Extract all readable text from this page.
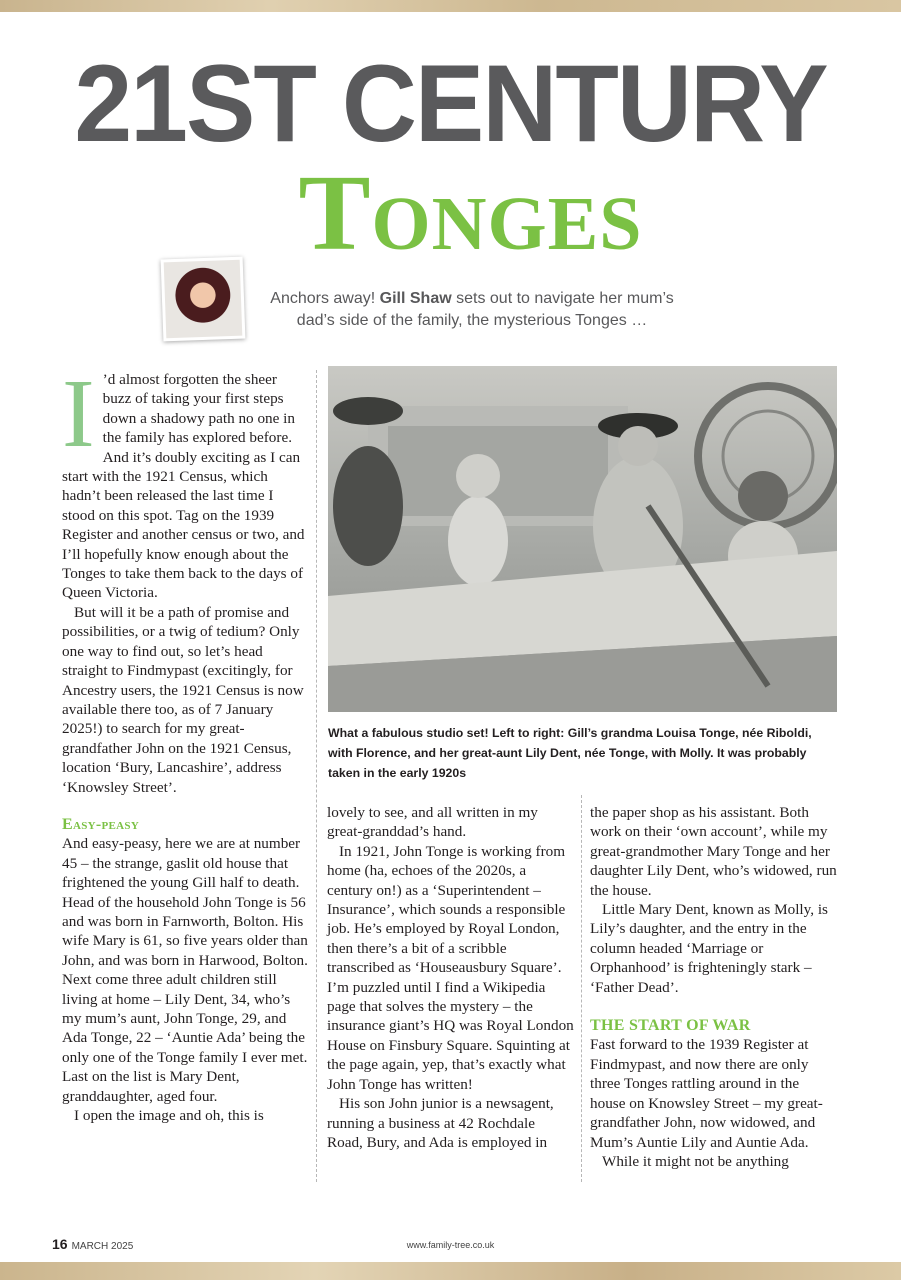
21ST CENTURY
Tonges
Anchors away! Gill Shaw sets out to navigate her mum’s dad’s side of the family, the mysterious Tonges …
I ’d almost forgotten the sheer buzz of taking your first steps down a shadowy path no one in the family has explored before. And it’s doubly exciting as I can start with the 1921 Census, which hadn’t been released the last time I stood on this spot. Tag on the 1939 Register and another census or two, and I’ll hopefully know enough about the Tonges to take them back to the days of Queen Victoria.

But will it be a path of promise and possibilities, or a twig of tedium? Only one way to find out, so let’s head straight to Findmypast (excitingly, for Ancestry users, the 1921 Census is now available there too, as of 7 January 2025!) to search for my great-grandfather John on the 1921 Census, location ‘Bury, Lancashire’, address ‘Knowsley Street’.

Easy-peasy

And easy-peasy, here we are at number 45 – the strange, gaslit old house that frightened the young Gill half to death. Head of the household John Tonge is 56 and was born in Farnworth, Bolton. His wife Mary is 61, so five years older than John, and was born in Harwood, Bolton. Next come three adult children still living at home – Lily Dent, 34, who’s my mum’s aunt, John Tonge, 29, and Ada Tonge, 22 – ‘Auntie Ada’ being the only one of the Tonge family I ever met. Last on the list is Mary Dent, granddaughter, aged four.

I open the image and oh, this is

What a fabulous studio set! Left to right: Gill’s grandma Louisa Tonge, née Riboldi, with Florence, and her great-aunt Lily Dent, née Tonge, with Molly. It was probably taken in the early 1920s

lovely to see, and all written in my great-granddad’s hand.

In 1921, John Tonge is working from home (ha, echoes of the 2020s, a century on!) as a ‘Superintendent – Insurance’, which sounds a responsible job. He’s employed by Royal London, then there’s a bit of a scribble transcribed as ‘Houseausbury Square’. I’m puzzled until I find a Wikipedia page that solves the mystery – the insurance giant’s HQ was Royal London House on Finsbury Square. Squinting at the page again, yep, that’s exactly what John Tonge has written!

His son John junior is a newsagent, running a business at 42 Rochdale Road, Bury, and Ada is employed in

the paper shop as his assistant. Both work on their ‘own account’, while my great-grandmother Mary Tonge and her daughter Lily Dent, who’s widowed, run the house.

Little Mary Dent, known as Molly, is Lily’s daughter, and the entry in the column headed ‘Marriage or Orphanhood’ is frighteningly stark – ‘Father Dead’.

THE START OF WAR

Fast forward to the 1939 Register at Findmypast, and now there are only three Tonges rattling around in the house on Knowsley Street – my great-grandfather John, now widowed, and Mum’s Auntie Lily and Auntie Ada.

While it might not be anything

16 MARCH 2025	www.family-tree.co.uk
